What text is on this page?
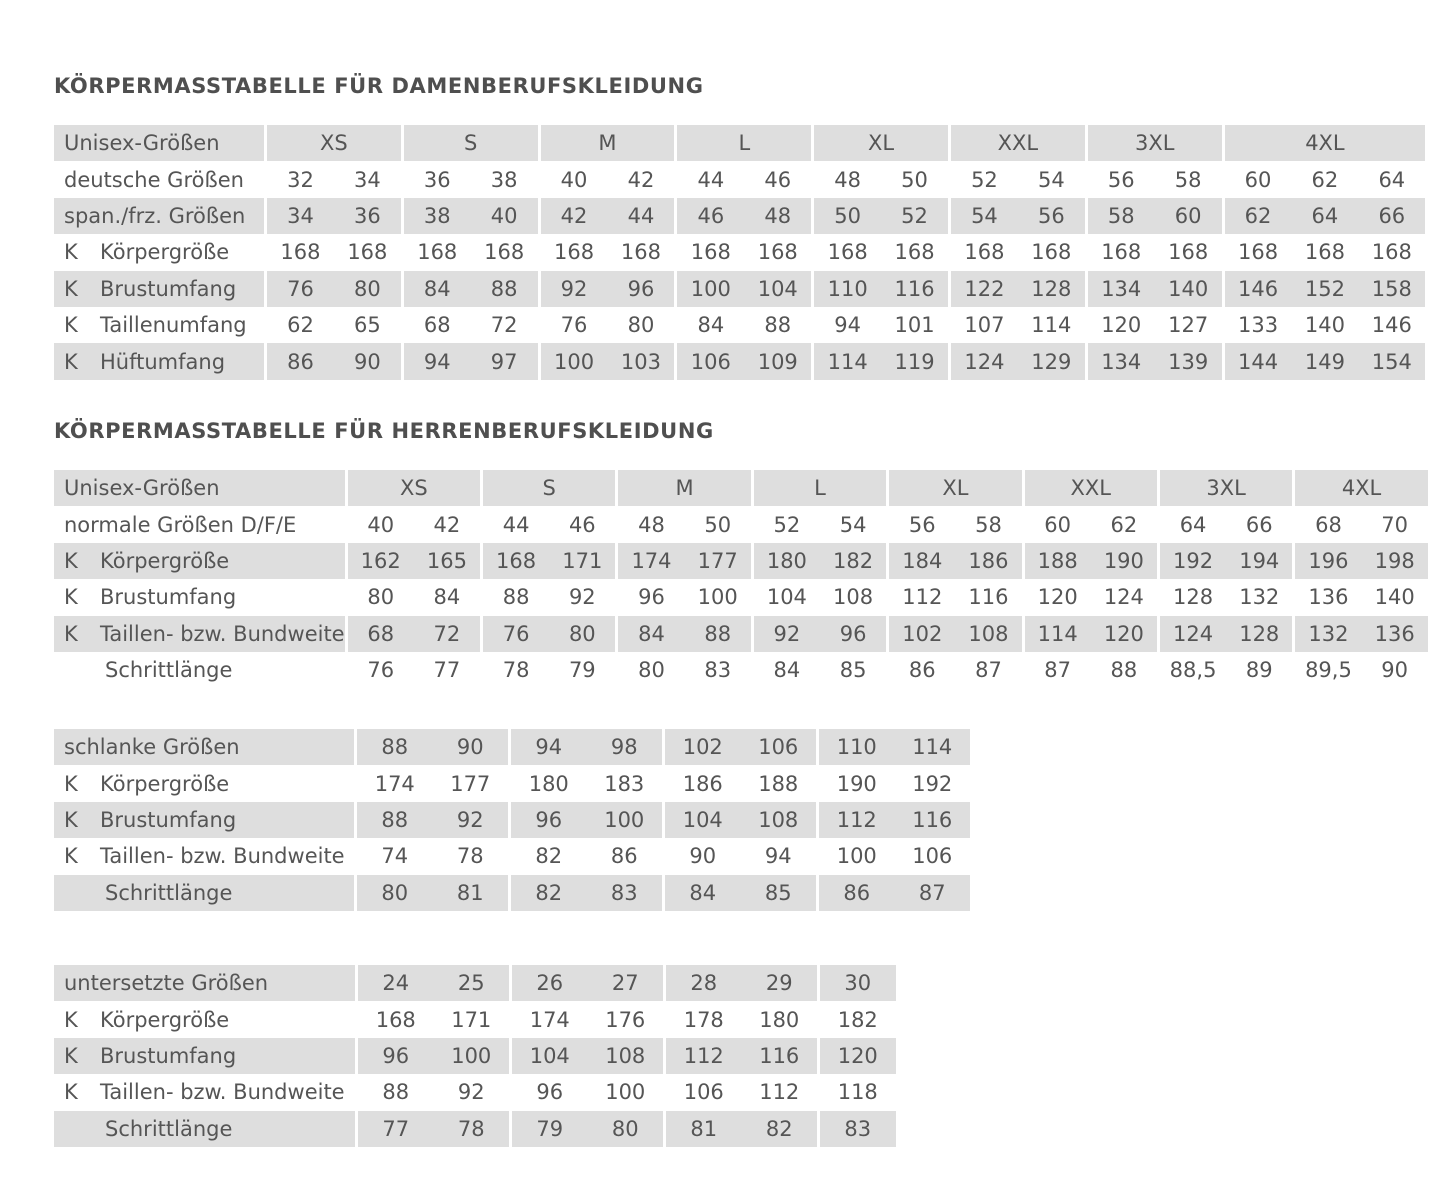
KÖRPERMASSTABELLE FÜR DAMENBERUFSKLEIDUNG
Unisex-Größen	XS	S	M	L	XL	XXL	3XL	4XL
deutsche Größen	32 34	36 38	40 42	44 46	48 50	52 54	56 58	60 62 64

span./frz. Größen	34 36	38 40	42 44	46 48	50 52	54 56	58 60	62 64 66

K Körpergröße	168 168	168 168	168 168	168 168	168 168	168 168	168 168	168 168 168

K Brustumfang	76 80	84 88	92 96	100 104	110 116	122 128	134 140	146 152 158

K Taillenumfang	62 65	68 72	76 80	84 88	94 101	107 114	120 127	133 140 146

K Hüftumfang	86 90	94 97	100 103	106 109	114 119	124 129	134 139	144 149 154
KÖRPERMASSTABELLE FÜR HERRENBERUFSKLEIDUNG
Unisex-Größen	XS	S	M	L	XL	XXL	3XL	4XL
normale Größen D/F/E	40 42	44 46	48 50	52 54	56 58	60 62	64 66	68 70

K Körpergröße	162 165	168 171	174 177	180 182	184 186	188 190	192 194	196 198

K Brustumfang	80 84	88 92	96 100	104 108	112 116	120 124	128 132	136 140

K Taillen- bzw. Bundweite	68 72	76 80	84 88	92 96	102 108	114 120	124 128	132 136

Schrittlänge	76 77	78 79	80 83	84 85	86 87	87 88	88,5 89	89,5 90
schlanke Größen	88 90	94 98	102 106	110 114

K Körpergröße	174 177	180 183	186 188	190 192

K Brustumfang	88 92	96 100	104 108	112 116

K Taillen- bzw. Bundweite	74 78	82 86	90 94	100 106

Schrittlänge	80 81	82 83	84 85	86 87
untersetzte Größen	24 25	26 27	28 29	30

K Körpergröße	168 171	174 176	178 180	182

K Brustumfang	96 100	104 108	112 116	120

K Taillen- bzw. Bundweite	88 92	96 100	106 112	118

Schrittlänge	77 78	79 80	81 82	83
